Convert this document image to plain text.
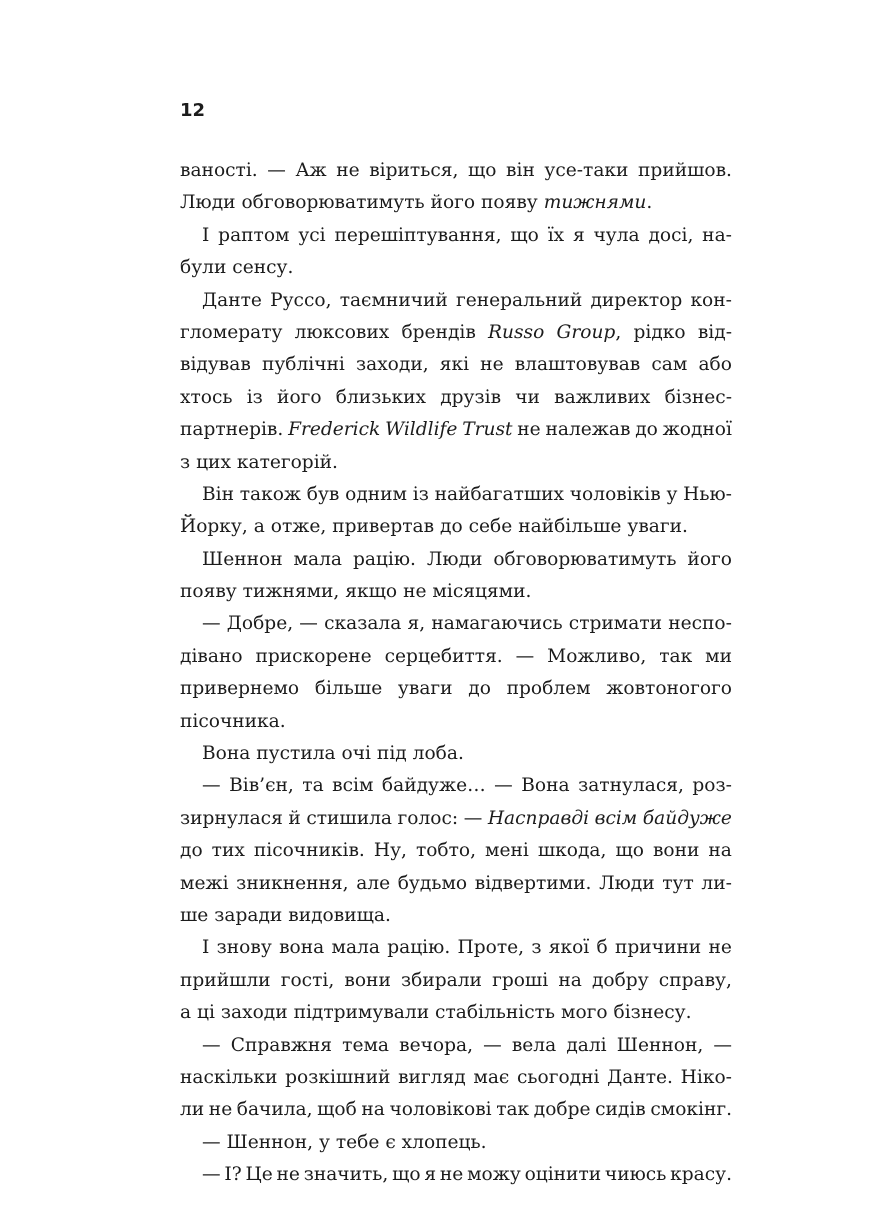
12
ваності. — Аж не віриться, що він усе-таки прийшов.
Люди обговорюватимуть його появу тижнями.
І раптом усі перешіптування, що їх я чула досі, на-
були сенсу.
Данте Руссо, таємничий генеральний директор кон-
гломерату люксових брендів Russo Group, рідко від-
відував публічні заходи, які не влаштовував сам або
хтось із його близьких друзів чи важливих бізнес-
партнерів. Frederick Wildlife Trust не належав до жодної
з цих категорій.
Він також був одним із найбагатших чоловіків у Нью-
Йорку, а отже, привертав до себе найбільше уваги.
Шеннон мала рацію. Люди обговорюватимуть його
появу тижнями, якщо не місяцями.
— Добре, — сказала я, намагаючись стримати неспо-
дівано прискорене серцебиття. — Можливо, так ми
привернемо більше уваги до проблем жовтоногого
пісочника.
Вона пустила очі під лоба.
— Вів’єн, та всім байдуже… — Вона затнулася, роз-
зирнулася й стишила голос: — Насправді всім байдуже
до тих пісочників. Ну, тобто, мені шкода, що вони на
межі зникнення, але будьмо відвертими. Люди тут ли-
ше заради видовища.
І знову вона мала рацію. Проте, з якої б причини не
прийшли гості, вони збирали гроші на добру справу,
а ці заходи підтримували стабільність мого бізнесу.
— Справжня тема вечора, — вела далі Шеннон, —
наскільки розкішний вигляд має сьогодні Данте. Ніко-
ли не бачила, щоб на чоловікові так добре сидів смокінг.
— Шеннон, у тебе є хлопець.
— І? Це не значить, що я не можу оцінити чиюсь красу.
